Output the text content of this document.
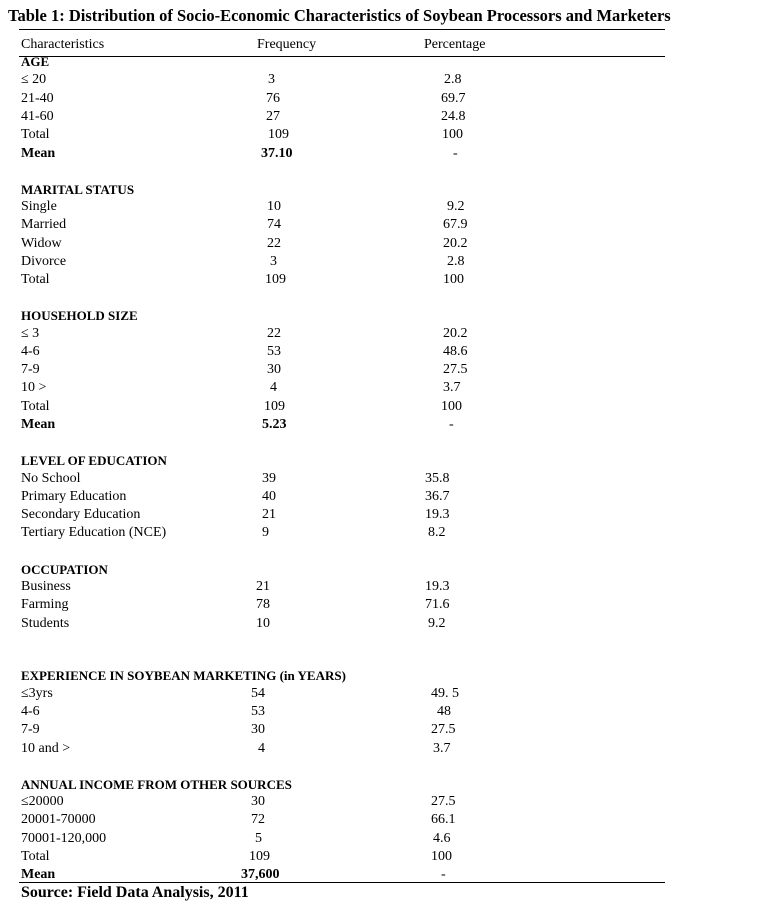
Table 1: Distribution of Socio-Economic Characteristics of Soybean Processors and Marketers
Characteristics	Frequency	Percentage
AGE
≤ 20	3	2.8
21-40	76	69.7
41-60	27	24.8
Total	109	100
Mean	37.10	-
MARITAL STATUS
Single	10	9.2
Married	74	67.9
Widow	22	20.2
Divorce	3	2.8
Total	109	100
HOUSEHOLD SIZE
≤ 3	22	20.2
4-6	53	48.6
7-9	30	27.5
10 >	4	3.7
Total	109	100
Mean	5.23	-
LEVEL OF EDUCATION
No School	39	35.8
Primary Education	40	36.7
Secondary Education	21	19.3
Tertiary Education (NCE)	9	8.2
OCCUPATION
Business	21	19.3
Farming	78	71.6
Students	10	9.2
EXPERIENCE IN SOYBEAN MARKETING (in YEARS)
≤3yrs	54	49. 5
4-6	53	48
7-9	30	27.5
10 and >	4	3.7
ANNUAL INCOME FROM OTHER SOURCES
≤20000	30	27.5
20001-70000	72	66.1
70001-120,000	5	4.6
Total	109	100
Mean	37,600	-
Source: Field Data Analysis, 2011
